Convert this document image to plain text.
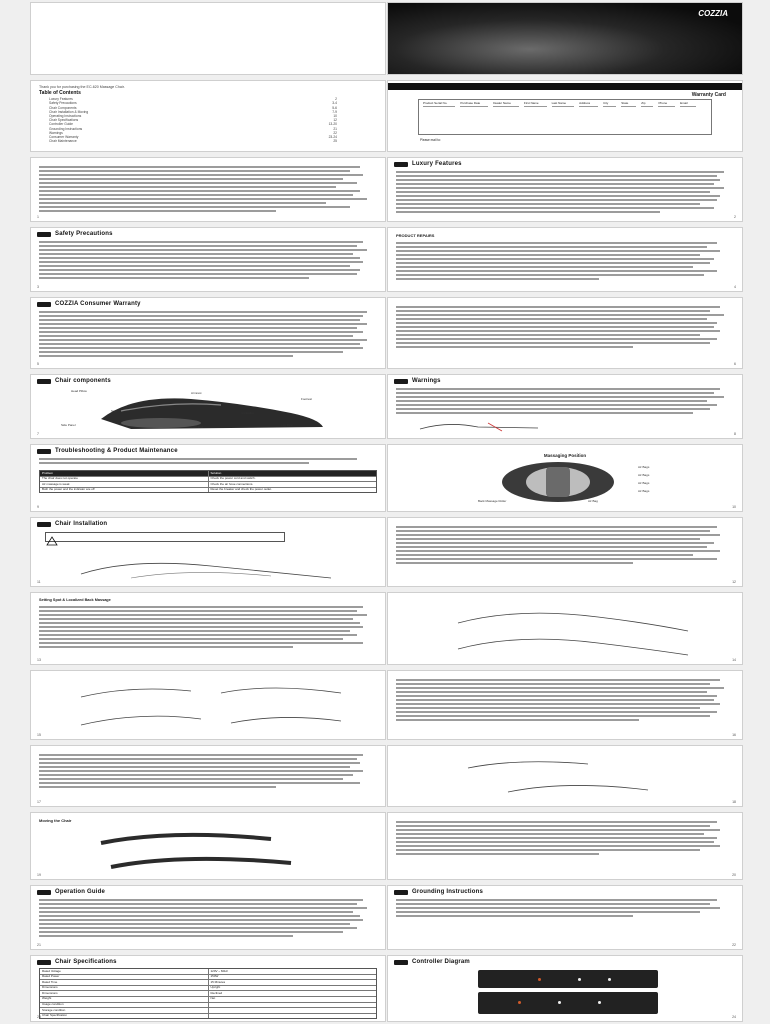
COZZIA
Thank you for purchasing the EC-620 Massage Chair.
Table of Contents
Luxury Features	2
Safety Precautions	3-4
Chair Components	5-6
Chair Installation & Moving	7-9
Operating Instructions	10
Chair Specifications	12
Controller Guide	13-20
Grounding Instructions	21
Warnings	22
Consumer Warranty	23-24
Chair Maintenance	25
Instruction Manual EC-620	Warranty Card
Product Serial No.	Purchase Date	Dealer Name	First Name	Last Name	Address	City	State	Zip	Phone	Email
Please mail to:
1
Luxury Features
2
Safety Precautions
3
PRODUCT REPAIRS
4
COZZIA Consumer Warranty
5	6
Chair components
Head Pillow	Armrest
Footrest
Controller
Seat
Side Panel	Leg Rest
Foot Pad
7
Warnings
8
Troubleshooting & Product Maintenance
Problem	Solution
The chair does not operate	Check the power cord and switch.
Air massage is weak	Check the air hose connections.
Both the power and the indicator are off	Reset the breaker and check the power outlet.
9
Massaging Position
Air Bags
Air Bags
Air Bags
Air Bags
Back Massage Roller	Air Bag
10
Chair Installation
11	12
Setting Spot & Localized Back Massage
13	14
15	16
17	18
Moving the Chair
19	20
Operation Guide
21
Grounding Instructions
22
Chair Specifications
Rated Voltage	120V ~ 60Hz
Rated Power	150W
Rated Time	15 Minutes
Dimensions	Upright
Dimensions	Reclined
Weight	Net
Usage condition
Storage condition
Chair Specification
23
Controller Diagram
24
